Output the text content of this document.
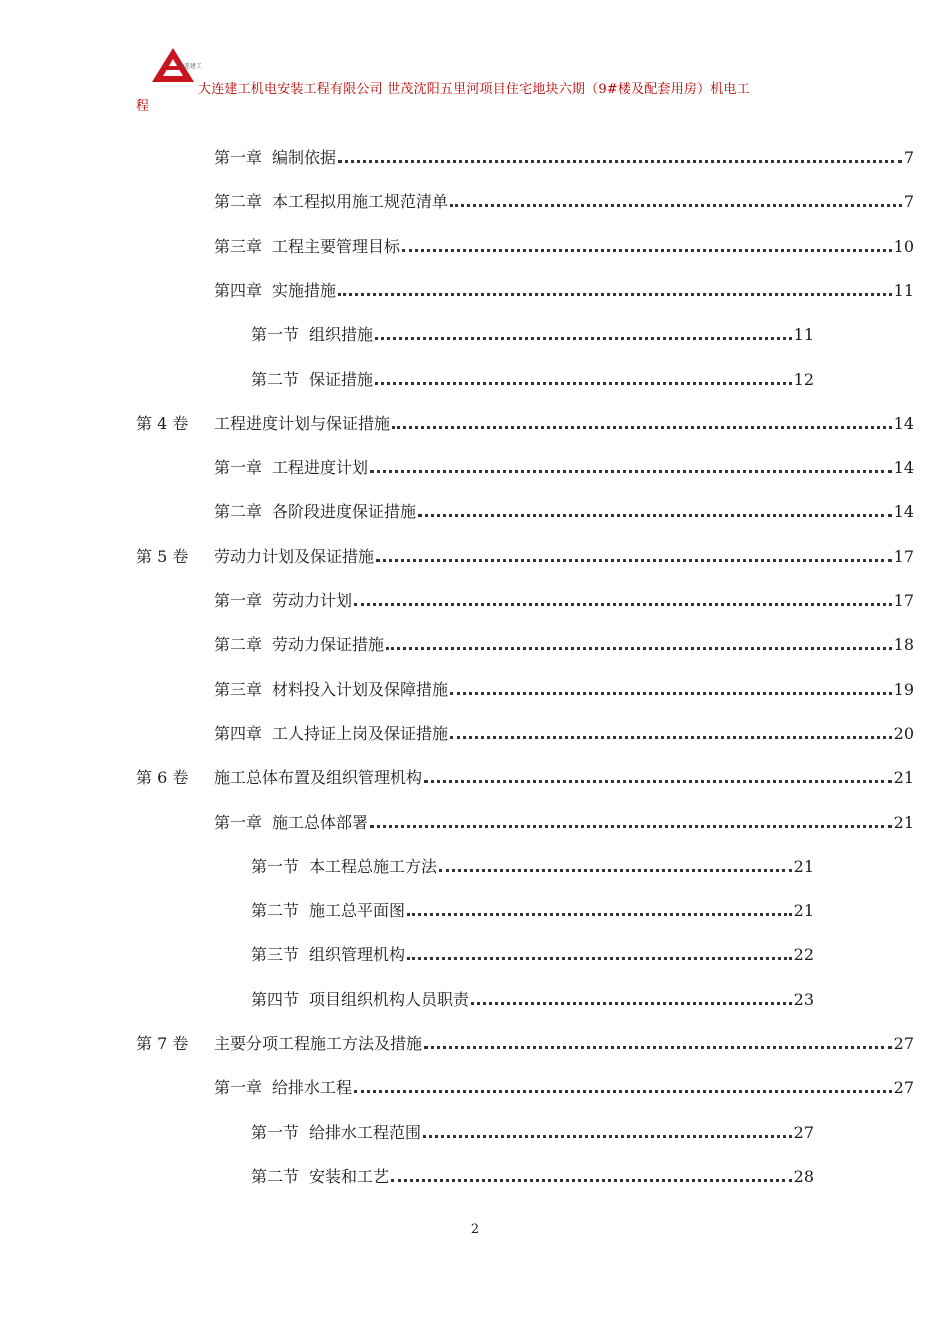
大连建工
大连建工机电安装工程有限公司 世茂沈阳五里河项目住宅地块六期（9#楼及配套用房）机电工
程
第一章 编制依据	7
第二章 本工程拟用施工规范清单	7
第三章 工程主要管理目标	10
第四章 实施措施	11
第一节 组织措施	11
第二节 保证措施	12
第 4 卷 工程进度计划与保证措施	14
第一章 工程进度计划	14
第二章 各阶段进度保证措施	14
第 5 卷 劳动力计划及保证措施	17
第一章 劳动力计划	17
第二章 劳动力保证措施	18
第三章 材料投入计划及保障措施	19
第四章 工人持证上岗及保证措施	20
第 6 卷 施工总体布置及组织管理机构	21
第一章 施工总体部署	21
第一节 本工程总施工方法	21
第二节 施工总平面图	21
第三节 组织管理机构	22
第四节 项目组织机构人员职责	23
第 7 卷 主要分项工程施工方法及措施	27
第一章 给排水工程	27
第一节 给排水工程范围	27
第二节 安装和工艺	28
2
